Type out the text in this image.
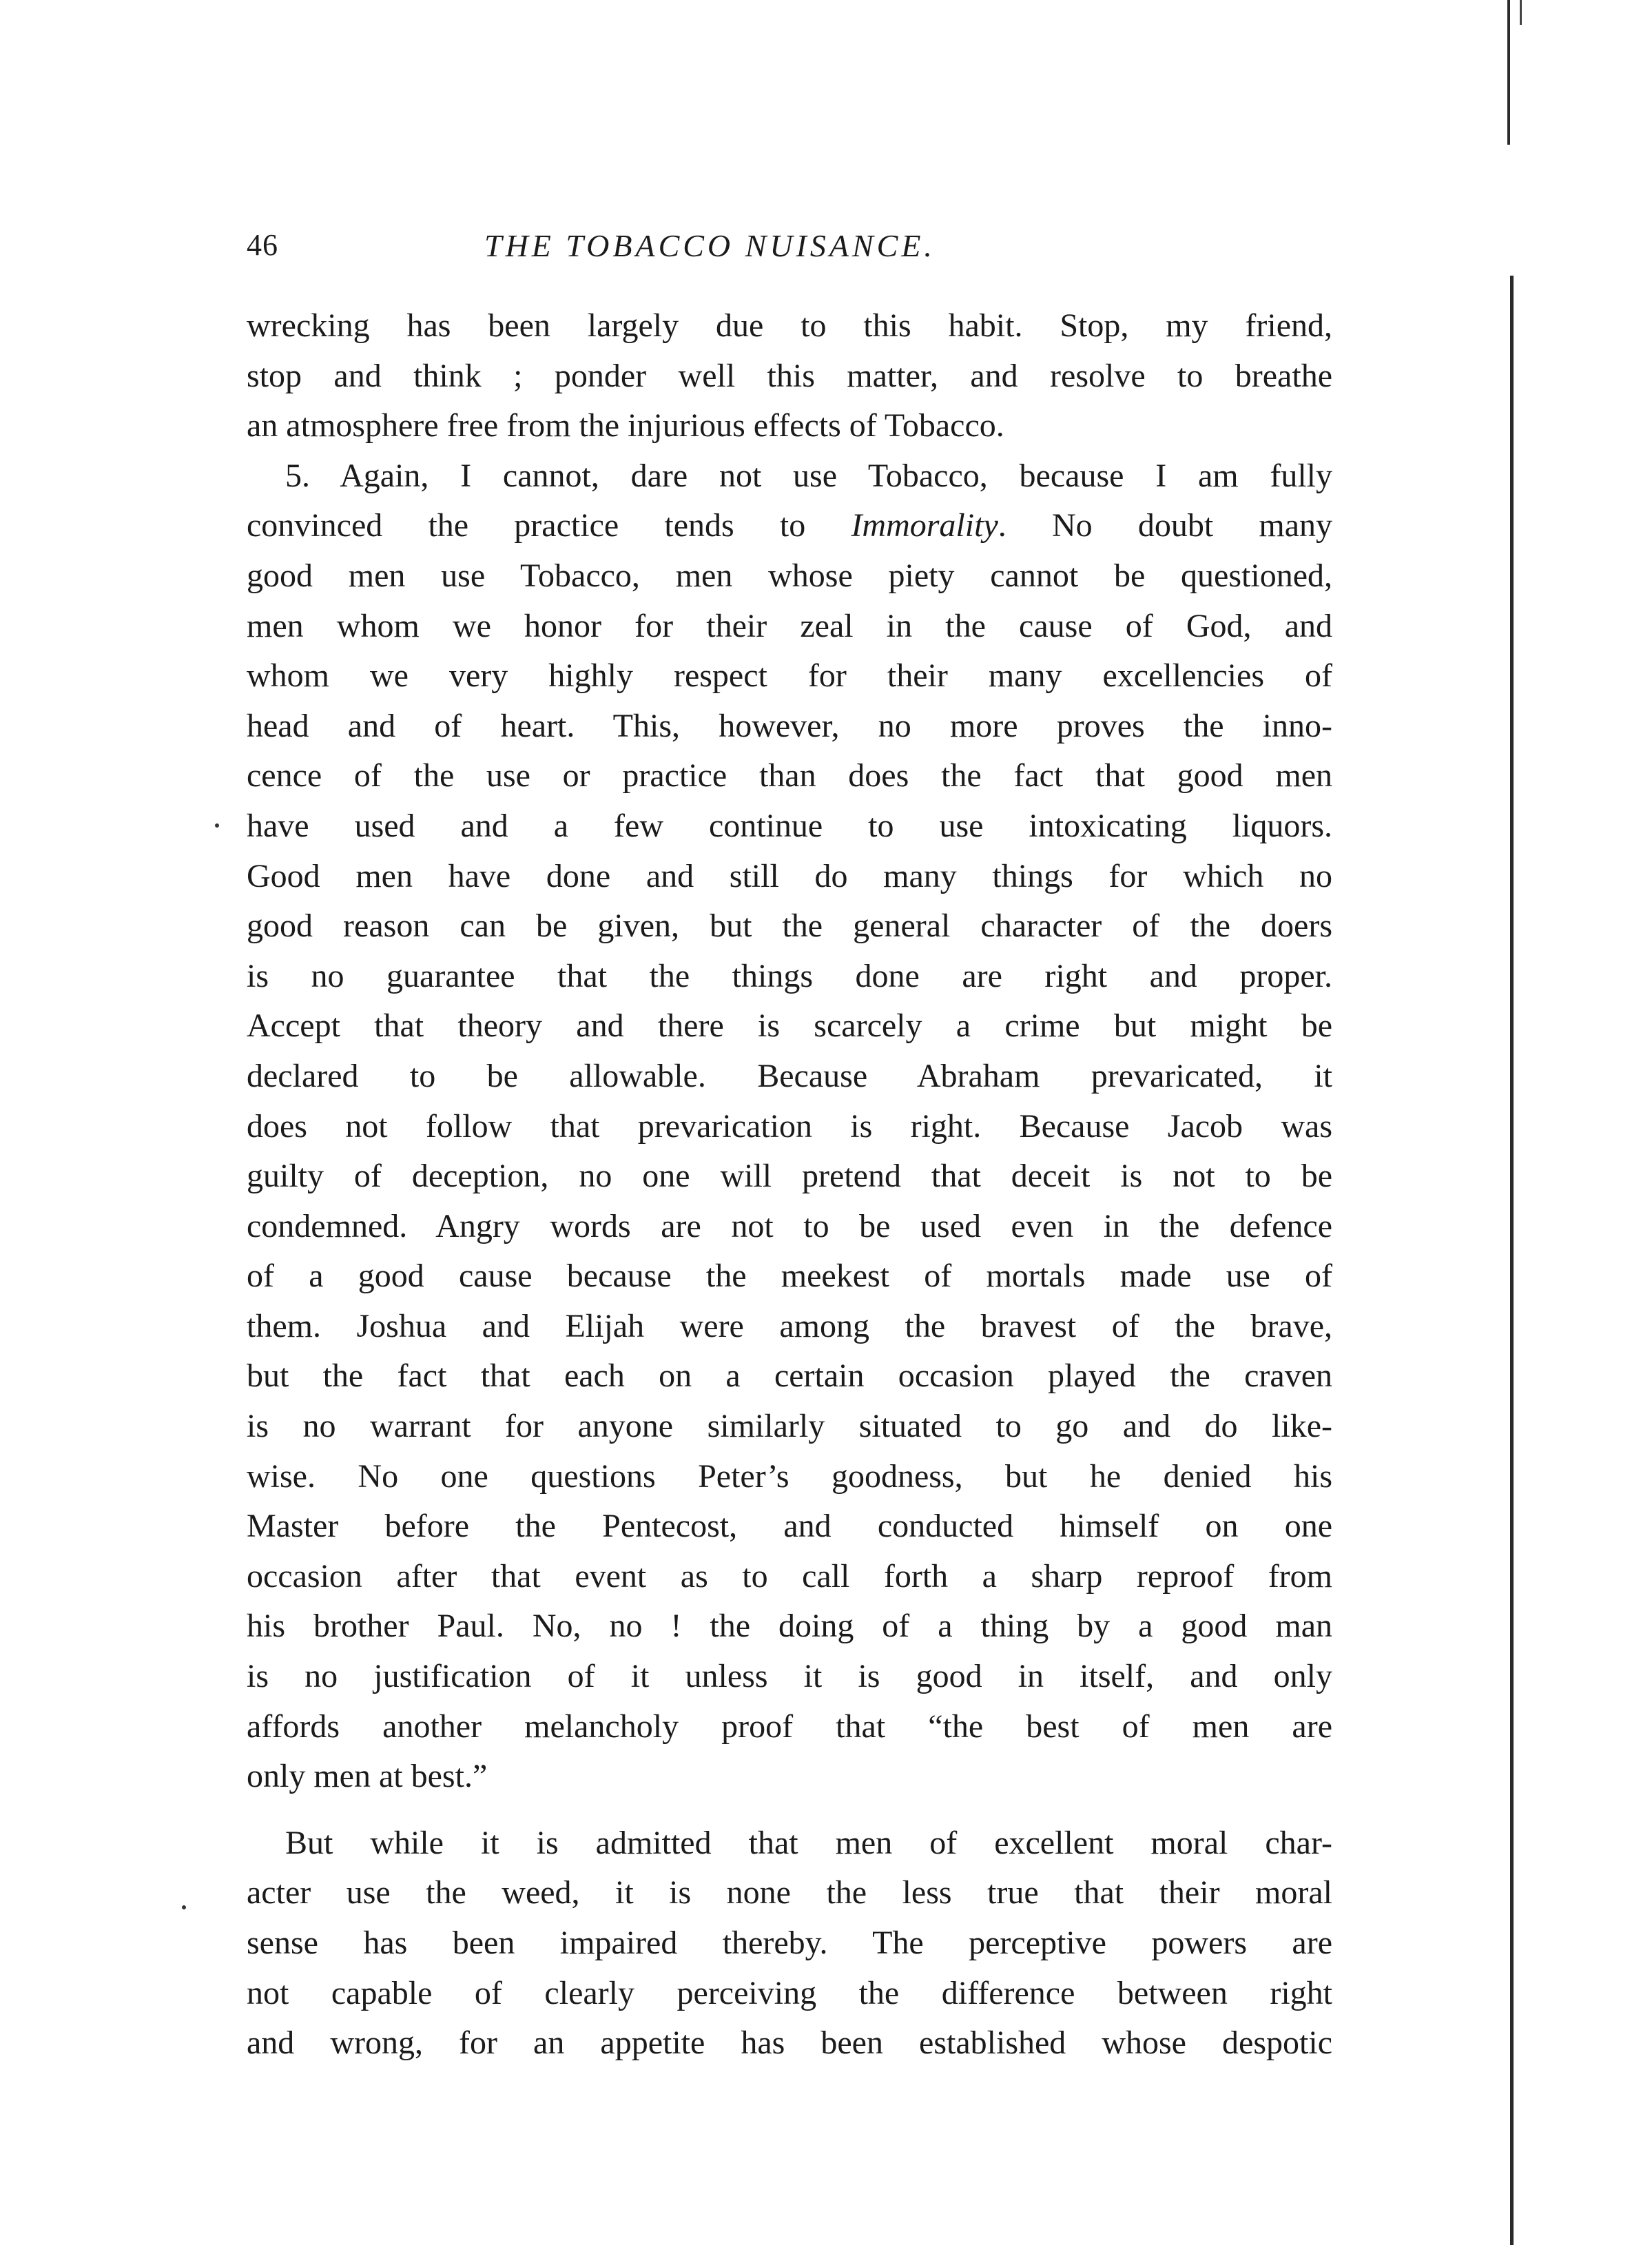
46	THE TOBACCO NUISANCE.
wrecking has been largely due to this habit. Stop, my friend,
stop and think ; ponder well this matter, and resolve to breathe
an atmosphere free from the injurious effects of Tobacco.
5. Again, I cannot, dare not use Tobacco, because I am fully
convinced the practice tends to Immorality. No doubt many
good men use Tobacco, men whose piety cannot be questioned,
men whom we honor for their zeal in the cause of God, and
whom we very highly respect for their many excellencies of
head and of heart. This, however, no more proves the inno-
cence of the use or practice than does the fact that good men
have used and a few continue to use intoxicating liquors.
Good men have done and still do many things for which no
good reason can be given, but the general character of the doers
is no guarantee that the things done are right and proper.
Accept that theory and there is scarcely a crime but might be
declared to be allowable. Because Abraham prevaricated, it
does not follow that prevarication is right. Because Jacob was
guilty of deception, no one will pretend that deceit is not to be
condemned. Angry words are not to be used even in the defence
of a good cause because the meekest of mortals made use of
them. Joshua and Elijah were among the bravest of the brave,
but the fact that each on a certain occasion played the craven
is no warrant for anyone similarly situated to go and do like-
wise. No one questions Peter’s goodness, but he denied his
Master before the Pentecost, and conducted himself on one
occasion after that event as to call forth a sharp reproof from
his brother Paul. No, no ! the doing of a thing by a good man
is no justification of it unless it is good in itself, and only
affords another melancholy proof that “the best of men are
only men at best.”
But while it is admitted that men of excellent moral char-
acter use the weed, it is none the less true that their moral
sense has been impaired thereby. The perceptive powers are
not capable of clearly perceiving the difference between right
and wrong, for an appetite has been established whose despotic
